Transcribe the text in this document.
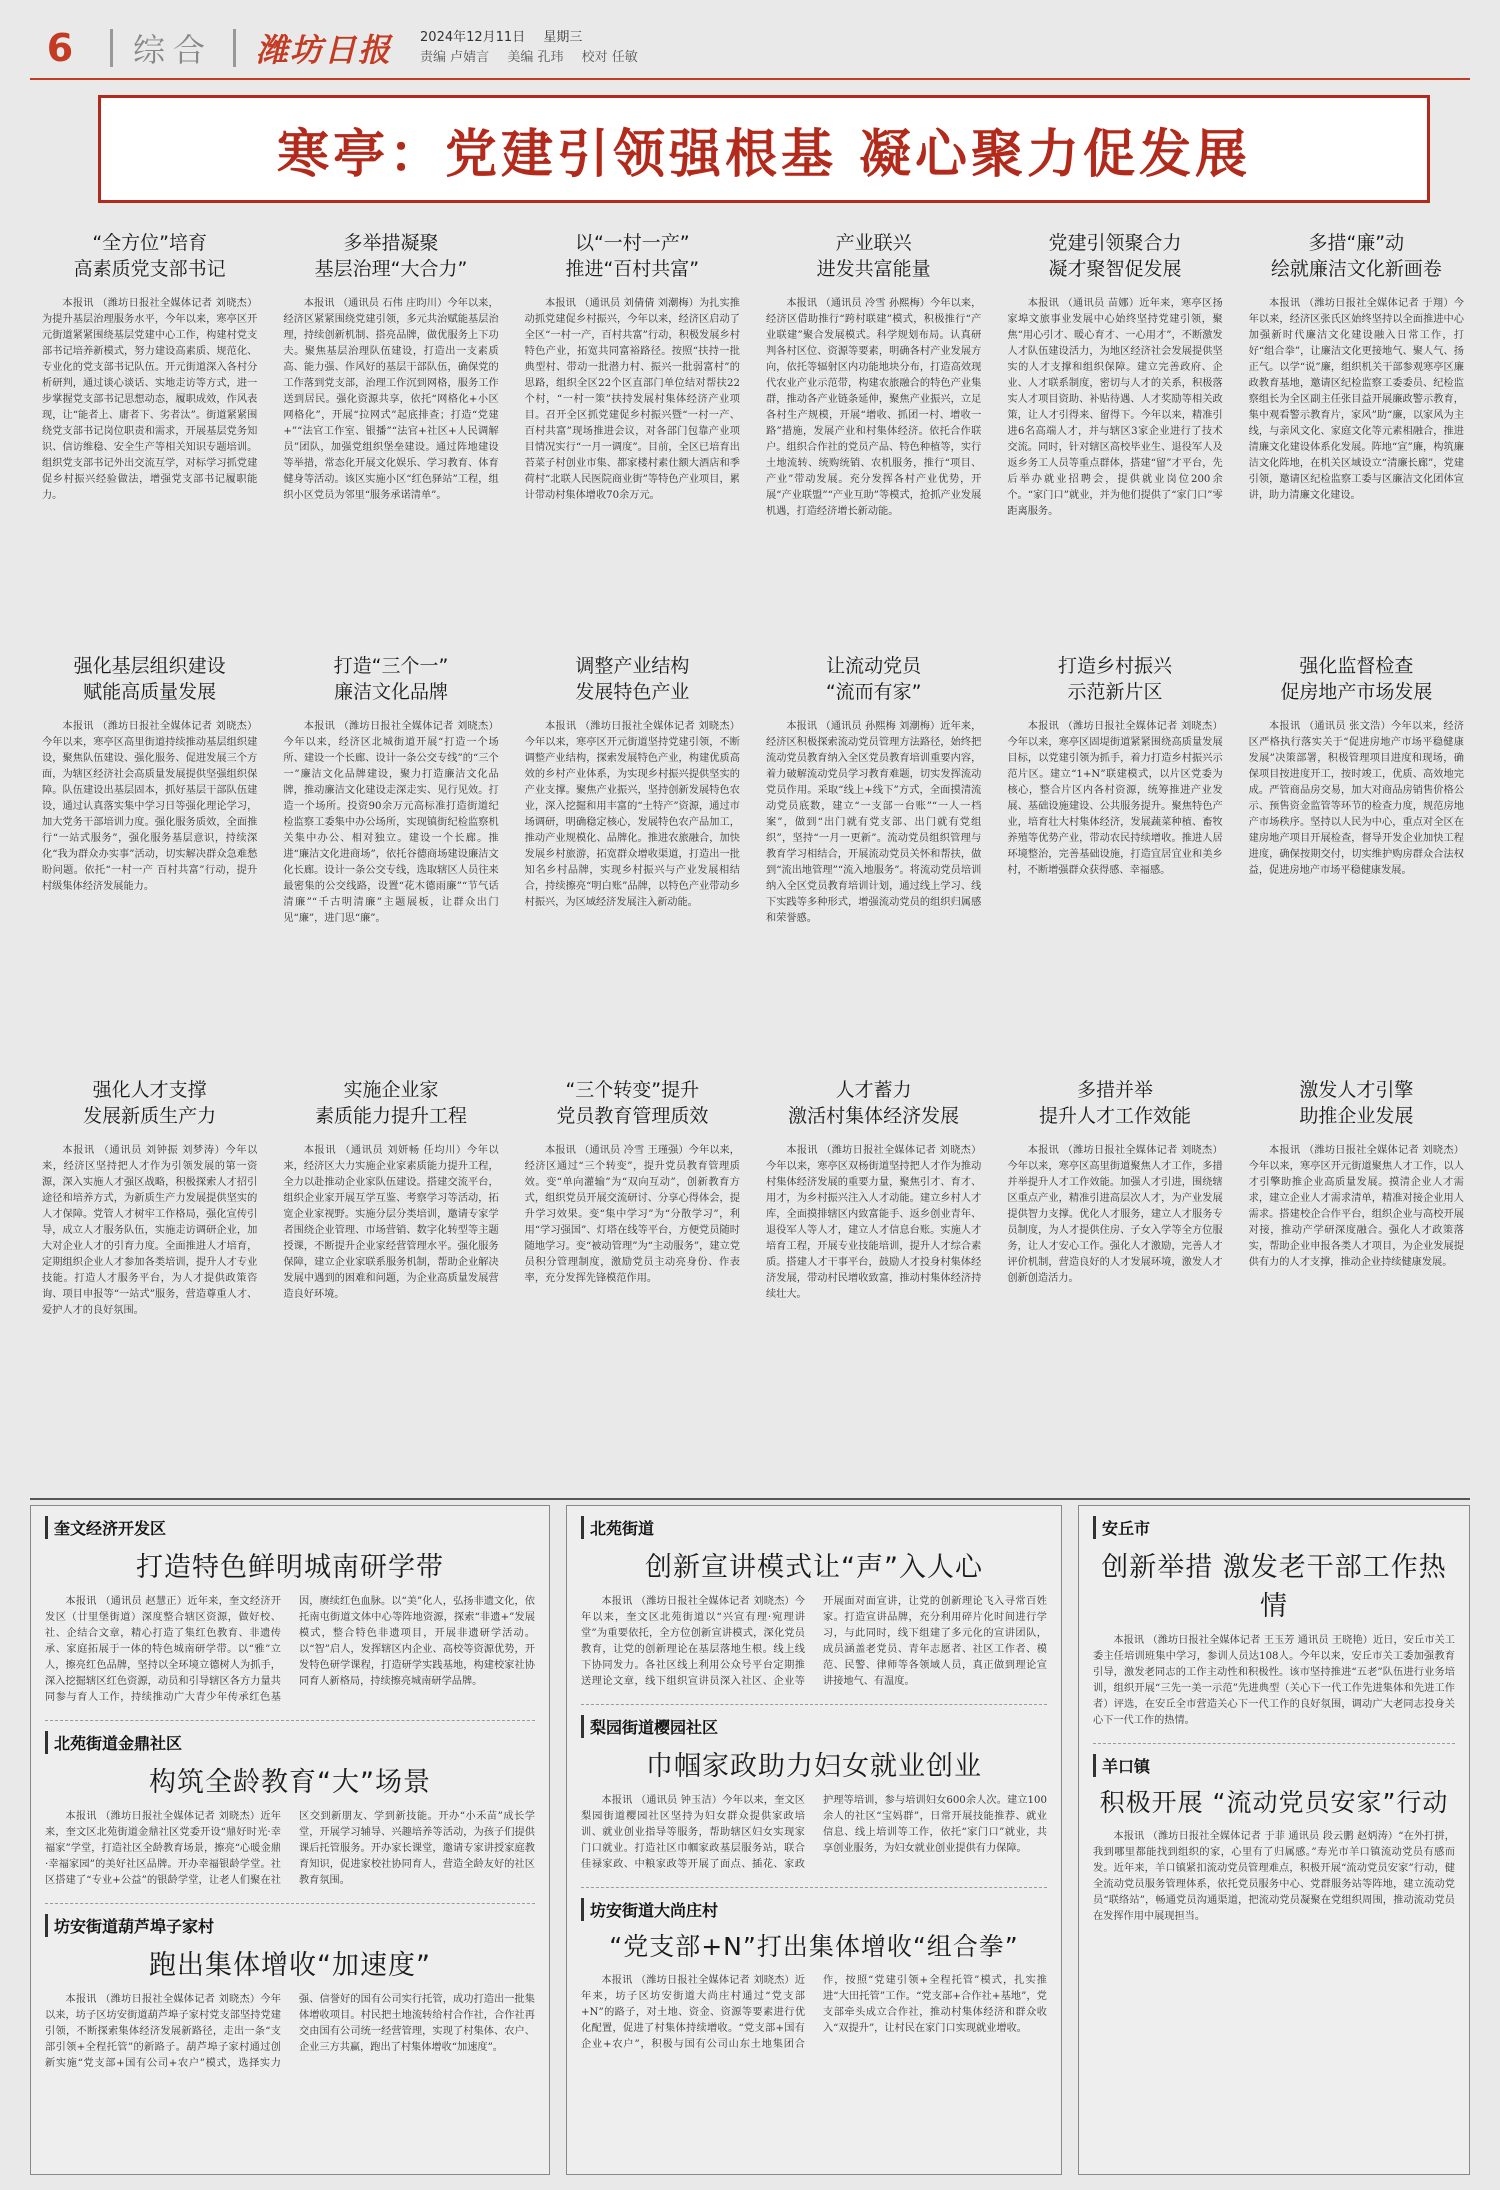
6	综合 潍坊日报 2024年12月11日 星期三
责编 卢婧言 美编 孔玮 校对 任敏
寒亭：党建引领强根基 凝心聚力促发展
“全方位”培育
高素质党支部书记
本报讯 （潍坊日报社全媒体记者 刘晓杰）为提升基层治理服务水平，今年以来，寒亭区开元街道紧紧围绕基层党建中心工作，构建村党支部书记培养新模式，努力建设高素质、规范化、专业化的党支部书记队伍。开元街道深入各村分析研判，通过谈心谈话、实地走访等方式，进一步掌握党支部书记思想动态，履职成效，作风表现，让“能者上、庸者下、劣者汰”。街道紧紧围绕党支部书记岗位职责和需求，开展基层党务知识、信访维稳、安全生产等相关知识专题培训。组织党支部书记外出交流互学，对标学习抓党建促乡村振兴经验做法，增强党支部书记履职能力。
多举措凝聚
基层治理“大合力”
本报讯 （通讯员 石伟 庄昀川）今年以来，经济区紧紧围绕党建引领，多元共治赋能基层治理，持续创新机制、搭亮品牌，做优服务上下功夫。聚焦基层治理队伍建设，打造出一支素质高、能力强、作风好的基层干部队伍，确保党的工作落到党支部，治理工作沉到网格，服务工作送到居民。强化资源共享，依托“网格化+小区网格化”，开展“拉网式”起底排查；打造“党建+”“法官工作室、银播”“法官+社区+人民调解员”团队，加强党组织堡垒建设。通过阵地建设等举措，常态化开展文化娱乐、学习教育、体育健身等活动。该区实施小区“红色驿站”工程，组织小区党员为邻里“服务承诺清单”。
以“一村一产”
推进“百村共富”
本报讯 （通讯员 刘倩倩 刘潮梅）为扎实推动抓党建促乡村振兴，今年以来，经济区启动了全区“一村一产，百村共富”行动，积极发展乡村特色产业，拓宽共同富裕路径。按照“扶持一批典型村、带动一批潜力村、振兴一批弱富村”的思路，组织全区22个区直部门单位结对帮扶22个村，“一村一策”扶持发展村集体经济产业项目。召开全区抓党建促乡村振兴暨“一村一产、百村共富”现场推进会议，对各部门包靠产业项目情况实行“一月一调度”。目前，全区已培育出苔菜子村创业市集、都家楼村素仕额大酒店和季荷村“北联人民医院商业街”等特色产业项目，累计带动村集体增收70余万元。
产业联兴
进发共富能量
本报讯 （通讯员 冷雪 孙熙梅）今年以来，经济区借助推行“跨村联建”模式，积极推行“产业联建”聚合发展模式。科学规划布局。认真研判各村区位、资源等要素，明确各村产业发展方向，依托等辐射区内功能地块分布，打造高效现代农业产业示范带，构建农旅融合的特色产业集群，推动各产业链条延伸，聚焦产业振兴，立足各村生产规模，开展“增收、抓团一村、增收一路”措施，发展产业和村集体经济。依托合作联户。组织合作社的党员产品、特色种植等，实行土地流转、统购统销、农机服务，推行“项目、产业”带动发展。充分发挥各村产业优势，开展“产业联盟”“产业互助”等模式，抢抓产业发展机遇，打造经济增长新动能。
党建引领聚合力
凝才聚智促发展
本报讯 （通讯员 苗娜）近年来，寒亭区扬家埠文旅事业发展中心始终坚持党建引领，聚焦“用心引才、暖心育才、一心用才”，不断激发人才队伍建设活力，为地区经济社会发展提供坚实的人才支撑和组织保障。建立完善政府、企业、人才联系制度，密切与人才的关系，积极落实人才项目资助、补贴待遇、人才奖励等相关政策，让人才引得来、留得下。今年以来，精准引进6名高端人才，并与辖区3家企业进行了技术交流。同时，针对辖区高校毕业生、退役军人及返乡务工人员等重点群体，搭建“留”才平台，先后举办就业招聘会，提供就业岗位200余个。“家门口”就业，并为他们提供了“家门口”零距离服务。
多措“廉”动
绘就廉洁文化新画卷
本报讯 （潍坊日报社全媒体记者 于翔）今年以来，经济区张氏区始终坚持以全面推进中心加强新时代廉洁文化建设融入日常工作，打好“组合拳”，让廉洁文化更接地气、聚人气、扬正气。以学“说”廉，组织机关干部参观寒亭区廉政教育基地，邀请区纪检监察工委委员、纪检监察组长为全区副主任张目益开展廉政警示教育，集中观看警示教育片，家风”助“廉，以家风为主线，与亲风文化、家庭文化等元素相融合，推进清廉文化建设体系化发展。阵地“宣”廉，构筑廉洁文化阵地，在机关区域设立“清廉长廊”，党建引领，邀请区纪检监察工委与区廉洁文化团体宣讲，助力清廉文化建设。
强化基层组织建设
赋能高质量发展
本报讯 （潍坊日报社全媒体记者 刘晓杰）今年以来，寒亭区高里街道持续推动基层组织建设，聚焦队伍建设、强化服务、促进发展三个方面，为辖区经济社会高质量发展提供坚强组织保障。队伍建设出基层固本，抓好基层干部队伍建设，通过认真落实集中学习日等强化理论学习，加大党务干部培训力度。强化服务质效，全面推行“一站式服务”，强化服务基层意识，持续深化“我为群众办实事”活动，切实解决群众急难愁盼问题。依托“一村一产 百村共富”行动，提升村级集体经济发展能力。
打造“三个一”
廉洁文化品牌
本报讯 （潍坊日报社全媒体记者 刘晓杰）今年以来，经济区北城街道开展“打造一个场所、建设一个长廊、设计一条公交专线”的“三个一”廉洁文化品牌建设，聚力打造廉洁文化品牌，推动廉洁文化建设走深走实、见行见效。打造一个场所。投资90余万元高标准打造街道纪检监察工委集中办公场所，实现镇街纪检监察机关集中办公、相对独立。建设一个长廊。推进“廉洁文化进商场”，依托谷德商场建设廉洁文化长廊。设计一条公交专线，选取辖区人员往来最密集的公交线路，设置“花木德雨廉”“节气话清廉”“千古明清廉”主题展板，让群众出门见“廉”，进门思“廉”。
调整产业结构
发展特色产业
本报讯 （潍坊日报社全媒体记者 刘晓杰）今年以来，寒亭区开元街道坚持党建引领，不断调整产业结构，探索发展特色产业，构建优质高效的乡村产业体系，为实现乡村振兴提供坚实的产业支撑。聚焦产业振兴，坚持创新发展特色农业，深入挖掘和用丰富的“土特产”资源，通过市场调研，明确稳定核心，发展特色农产品加工，推动产业规模化、品牌化。推进农旅融合，加快发展乡村旅游，拓宽群众增收渠道，打造出一批知名乡村品牌，实现乡村振兴与产业发展相结合，持续擦亮“明白账”品牌，以特色产业带动乡村振兴，为区域经济发展注入新动能。
让流动党员
“流而有家”
本报讯 （通讯员 孙熙梅 刘潮梅）近年来，经济区积极探索流动党员管理方法路径，始终把流动党员教育纳入全区党员教育培训重要内容，着力破解流动党员学习教育难题，切实发挥流动党员作用。采取“线上+线下”方式，全面摸清流动党员底数，建立“一支部一台账”“一人一档案”，做到“出门就有党支部、出门就有党组织”，坚持“一月一更新”。流动党员组织管理与教育学习相结合，开展流动党员关怀和帮扶，做到“流出地管理”“流入地服务”。将流动党员培训纳入全区党员教育培训计划，通过线上学习、线下实践等多种形式，增强流动党员的组织归属感和荣誉感。
打造乡村振兴
示范新片区
本报讯 （潍坊日报社全媒体记者 刘晓杰）今年以来，寒亭区固堤街道紧紧围绕高质量发展目标，以党建引领为抓手，着力打造乡村振兴示范片区。建立“1+N”联建模式，以片区党委为核心，整合片区内各村资源，统筹推进产业发展、基础设施建设、公共服务提升。聚焦特色产业，培育壮大村集体经济，发展蔬菜种植、畜牧养殖等优势产业，带动农民持续增收。推进人居环境整治，完善基础设施，打造宜居宜业和美乡村，不断增强群众获得感、幸福感。
强化监督检查
促房地产市场发展
本报讯 （通讯员 张文浩）今年以来，经济区严格执行落实关于“促进房地产市场平稳健康发展”决策部署，积极管理项目进度和现场，确保项目按进度开工，按时竣工，优质、高效地完成。严管商品房交易，加大对商品房销售价格公示、预售资金监管等环节的检查力度，规范房地产市场秩序。坚持以人民为中心，重点对全区在建房地产项目开展检查，督导开发企业加快工程进度，确保按期交付，切实维护购房群众合法权益，促进房地产市场平稳健康发展。
强化人才支撑
发展新质生产力
本报讯 （通讯员 刘钟振 刘梦涛）今年以来，经济区坚持把人才作为引领发展的第一资源，深入实施人才强区战略，积极探索人才招引途径和培养方式，为新质生产力发展提供坚实的人才保障。党管人才树牢工作格局，强化宣传引导，成立人才服务队伍，实施走访调研企业，加大对企业人才的引育力度。全面推进人才培育，定期组织企业人才参加各类培训，提升人才专业技能。打造人才服务平台，为人才提供政策咨询、项目申报等“一站式”服务，营造尊重人才、爱护人才的良好氛围。
实施企业家
素质能力提升工程
本报讯 （通讯员 刘妍畅 任均川）今年以来，经济区大力实施企业家素质能力提升工程，全力以赴推动企业家队伍建设。搭建交流平台，组织企业家开展互学互鉴、考察学习等活动，拓宽企业家视野。实施分层分类培训，邀请专家学者围绕企业管理、市场营销、数字化转型等主题授课，不断提升企业家经营管理水平。强化服务保障，建立企业家联系服务机制，帮助企业解决发展中遇到的困难和问题，为企业高质量发展营造良好环境。
“三个转变”提升
党员教育管理质效
本报讯 （通讯员 冷雪 王瑾强）今年以来，经济区通过“三个转变”，提升党员教育管理质效。变“单向灌输”为“双向互动”，创新教育方式，组织党员开展交流研讨、分享心得体会，提升学习效果。变“集中学习”为“分散学习”，利用“学习强国”、灯塔在线等平台，方便党员随时随地学习。变“被动管理”为“主动服务”，建立党员积分管理制度，激励党员主动亮身份、作表率，充分发挥先锋模范作用。
人才蓄力
激活村集体经济发展
本报讯 （潍坊日报社全媒体记者 刘晓杰）今年以来，寒亭区双杨街道坚持把人才作为推动村集体经济发展的重要力量，聚焦引才、育才、用才，为乡村振兴注入人才动能。建立乡村人才库，全面摸排辖区内致富能手、返乡创业青年、退役军人等人才，建立人才信息台账。实施人才培育工程，开展专业技能培训，提升人才综合素质。搭建人才干事平台，鼓励人才投身村集体经济发展，带动村民增收致富，推动村集体经济持续壮大。
多措并举
提升人才工作效能
本报讯 （潍坊日报社全媒体记者 刘晓杰）今年以来，寒亭区高里街道聚焦人才工作，多措并举提升人才工作效能。加强人才引进，围绕辖区重点产业，精准引进高层次人才，为产业发展提供智力支撑。优化人才服务，建立人才服务专员制度，为人才提供住房、子女入学等全方位服务，让人才安心工作。强化人才激励，完善人才评价机制，营造良好的人才发展环境，激发人才创新创造活力。
激发人才引擎
助推企业发展
本报讯 （潍坊日报社全媒体记者 刘晓杰）今年以来，寒亭区开元街道聚焦人才工作，以人才引擎助推企业高质量发展。摸清企业人才需求，建立企业人才需求清单，精准对接企业用人需求。搭建校企合作平台，组织企业与高校开展对接，推动产学研深度融合。强化人才政策落实，帮助企业申报各类人才项目，为企业发展提供有力的人才支撑，推动企业持续健康发展。
奎文经济开发区
打造特色鲜明城南研学带
本报讯 （通讯员 赵慧正）近年来，奎文经济开发区（廿里堡街道）深度整合辖区资源，做好校、社、企结合文章，精心打造了集红色教育、非遗传承、家庭拓展于一体的特色城南研学带。以“雅”立人，擦亮红色品牌，坚持以全环境立德树人为抓手，深入挖掘辖区红色资源，动员和引导辖区各方力量共同参与育人工作，持续推动广大青少年传承红色基因，赓续红色血脉。以“美”化人，弘扬非遗文化，依托南屯街道文体中心等阵地资源，探索“非遗+”发展模式，整合特色非遗项目，开展非遗研学活动。以“智”启人，发挥辖区内企业、高校等资源优势，开发特色研学课程，打造研学实践基地，构建校家社协同育人新格局，持续擦亮城南研学品牌。
北苑街道金鼎社区
构筑全龄教育“大”场景
本报讯 （潍坊日报社全媒体记者 刘晓杰）近年来，奎文区北苑街道金鼎社区党委开设“鼎好时光·幸福家”学堂，打造社区全龄教育场景，擦亮“心暖金鼎·幸福家园”的美好社区品牌。开办幸福银龄学堂。社区搭建了“专业+公益”的银龄学堂，让老人们聚在社区交到新朋友、学到新技能。开办“小禾苗”成长学堂，开展学习辅导、兴趣培养等活动，为孩子们提供课后托管服务。开办家长课堂，邀请专家讲授家庭教育知识，促进家校社协同育人，营造全龄友好的社区教育氛围。
坊安街道葫芦埠子家村
跑出集体增收“加速度”
本报讯 （潍坊日报社全媒体记者 刘晓杰）今年以来，坊子区坊安街道葫芦埠子家村党支部坚持党建引领，不断探索集体经济发展新路径，走出一条“支部引领+全程托管”的新路子。葫芦埠子家村通过创新实施“党支部+国有公司+农户”模式，选择实力强、信誉好的国有公司实行托管，成功打造出一批集体增收项目。村民把土地流转给村合作社，合作社再交由国有公司统一经营管理，实现了村集体、农户、企业三方共赢，跑出了村集体增收“加速度”。
北苑街道
创新宣讲模式让“声”入人心
本报讯 （潍坊日报社全媒体记者 刘晓杰）今年以来，奎文区北苑街道以“兴宣有理·宛理讲堂”为重要依托，全方位创新宣讲模式，深化党员教育，让党的创新理论在基层落地生根。线上线下协同发力。各社区线上利用公众号平台定期推送理论文章，线下组织宣讲员深入社区、企业等开展面对面宣讲，让党的创新理论飞入寻常百姓家。打造宣讲品牌，充分利用碎片化时间进行学习，与此同时，线下组建了多元化的宣讲团队，成员涵盖老党员、青年志愿者、社区工作者、模范、民警、律师等各领域人员，真正做到理论宣讲接地气、有温度。
梨园街道樱园社区
巾帼家政助力妇女就业创业
本报讯 （通讯员 钟玉洁）今年以来，奎文区梨园街道樱园社区坚持为妇女群众提供家政培训、就业创业指导等服务，帮助辖区妇女实现家门口就业。打造社区巾帼家政基层服务站，联合佳禄家政、中粮家政等开展了面点、插花、家政护理等培训，参与培训妇女600余人次。建立100余人的社区“宝妈群”，日常开展技能推荐、就业信息、线上培训等工作，依托“家门口”就业，共享创业服务，为妇女就业创业提供有力保障。
坊安街道大尚庄村
“党支部+N”打出集体增收“组合拳”
本报讯 （潍坊日报社全媒体记者 刘晓杰）近年来，坊子区坊安街道大尚庄村通过“党支部+N”的路子，对土地、资金、资源等要素进行优化配置，促进了村集体持续增收。“党支部+国有企业+农户”，积极与国有公司山东土地集团合作，按照“党建引领+全程托管”模式，扎实推进“大田托管”工作。“党支部+合作社+基地”，党支部牵头成立合作社，推动村集体经济和群众收入“双提升”，让村民在家门口实现就业增收。
安丘市
创新举措 激发老干部工作热情
本报讯 （潍坊日报社全媒体记者 王玉芳 通讯员 王晓艳）近日，安丘市关工委主任培训班集中学习，参训人员达108人。今年以来，安丘市关工委加强教育引导，激发老同志的工作主动性和积极性。该市坚持推进“五老”队伍进行业务培训，组织开展“三先一美一示范”先进典型（关心下一代工作先进集体和先进工作者）评选，在安丘全市营造关心下一代工作的良好氛围，调动广大老同志投身关心下一代工作的热情。
羊口镇
积极开展 “流动党员安家”行动
本报讯 （潍坊日报社全媒体记者 于菲 通讯员 段云鹏 赵炳涛）“在外打拼，我到哪里都能找到组织的家，心里有了归属感。”寿光市羊口镇流动党员有感而发。近年来，羊口镇紧扣流动党员管理难点，积极开展“流动党员安家”行动，健全流动党员服务管理体系，依托党员服务中心、党群服务站等阵地，建立流动党员“联络站”，畅通党员沟通渠道，把流动党员凝聚在党组织周围，推动流动党员在发挥作用中展现担当。
